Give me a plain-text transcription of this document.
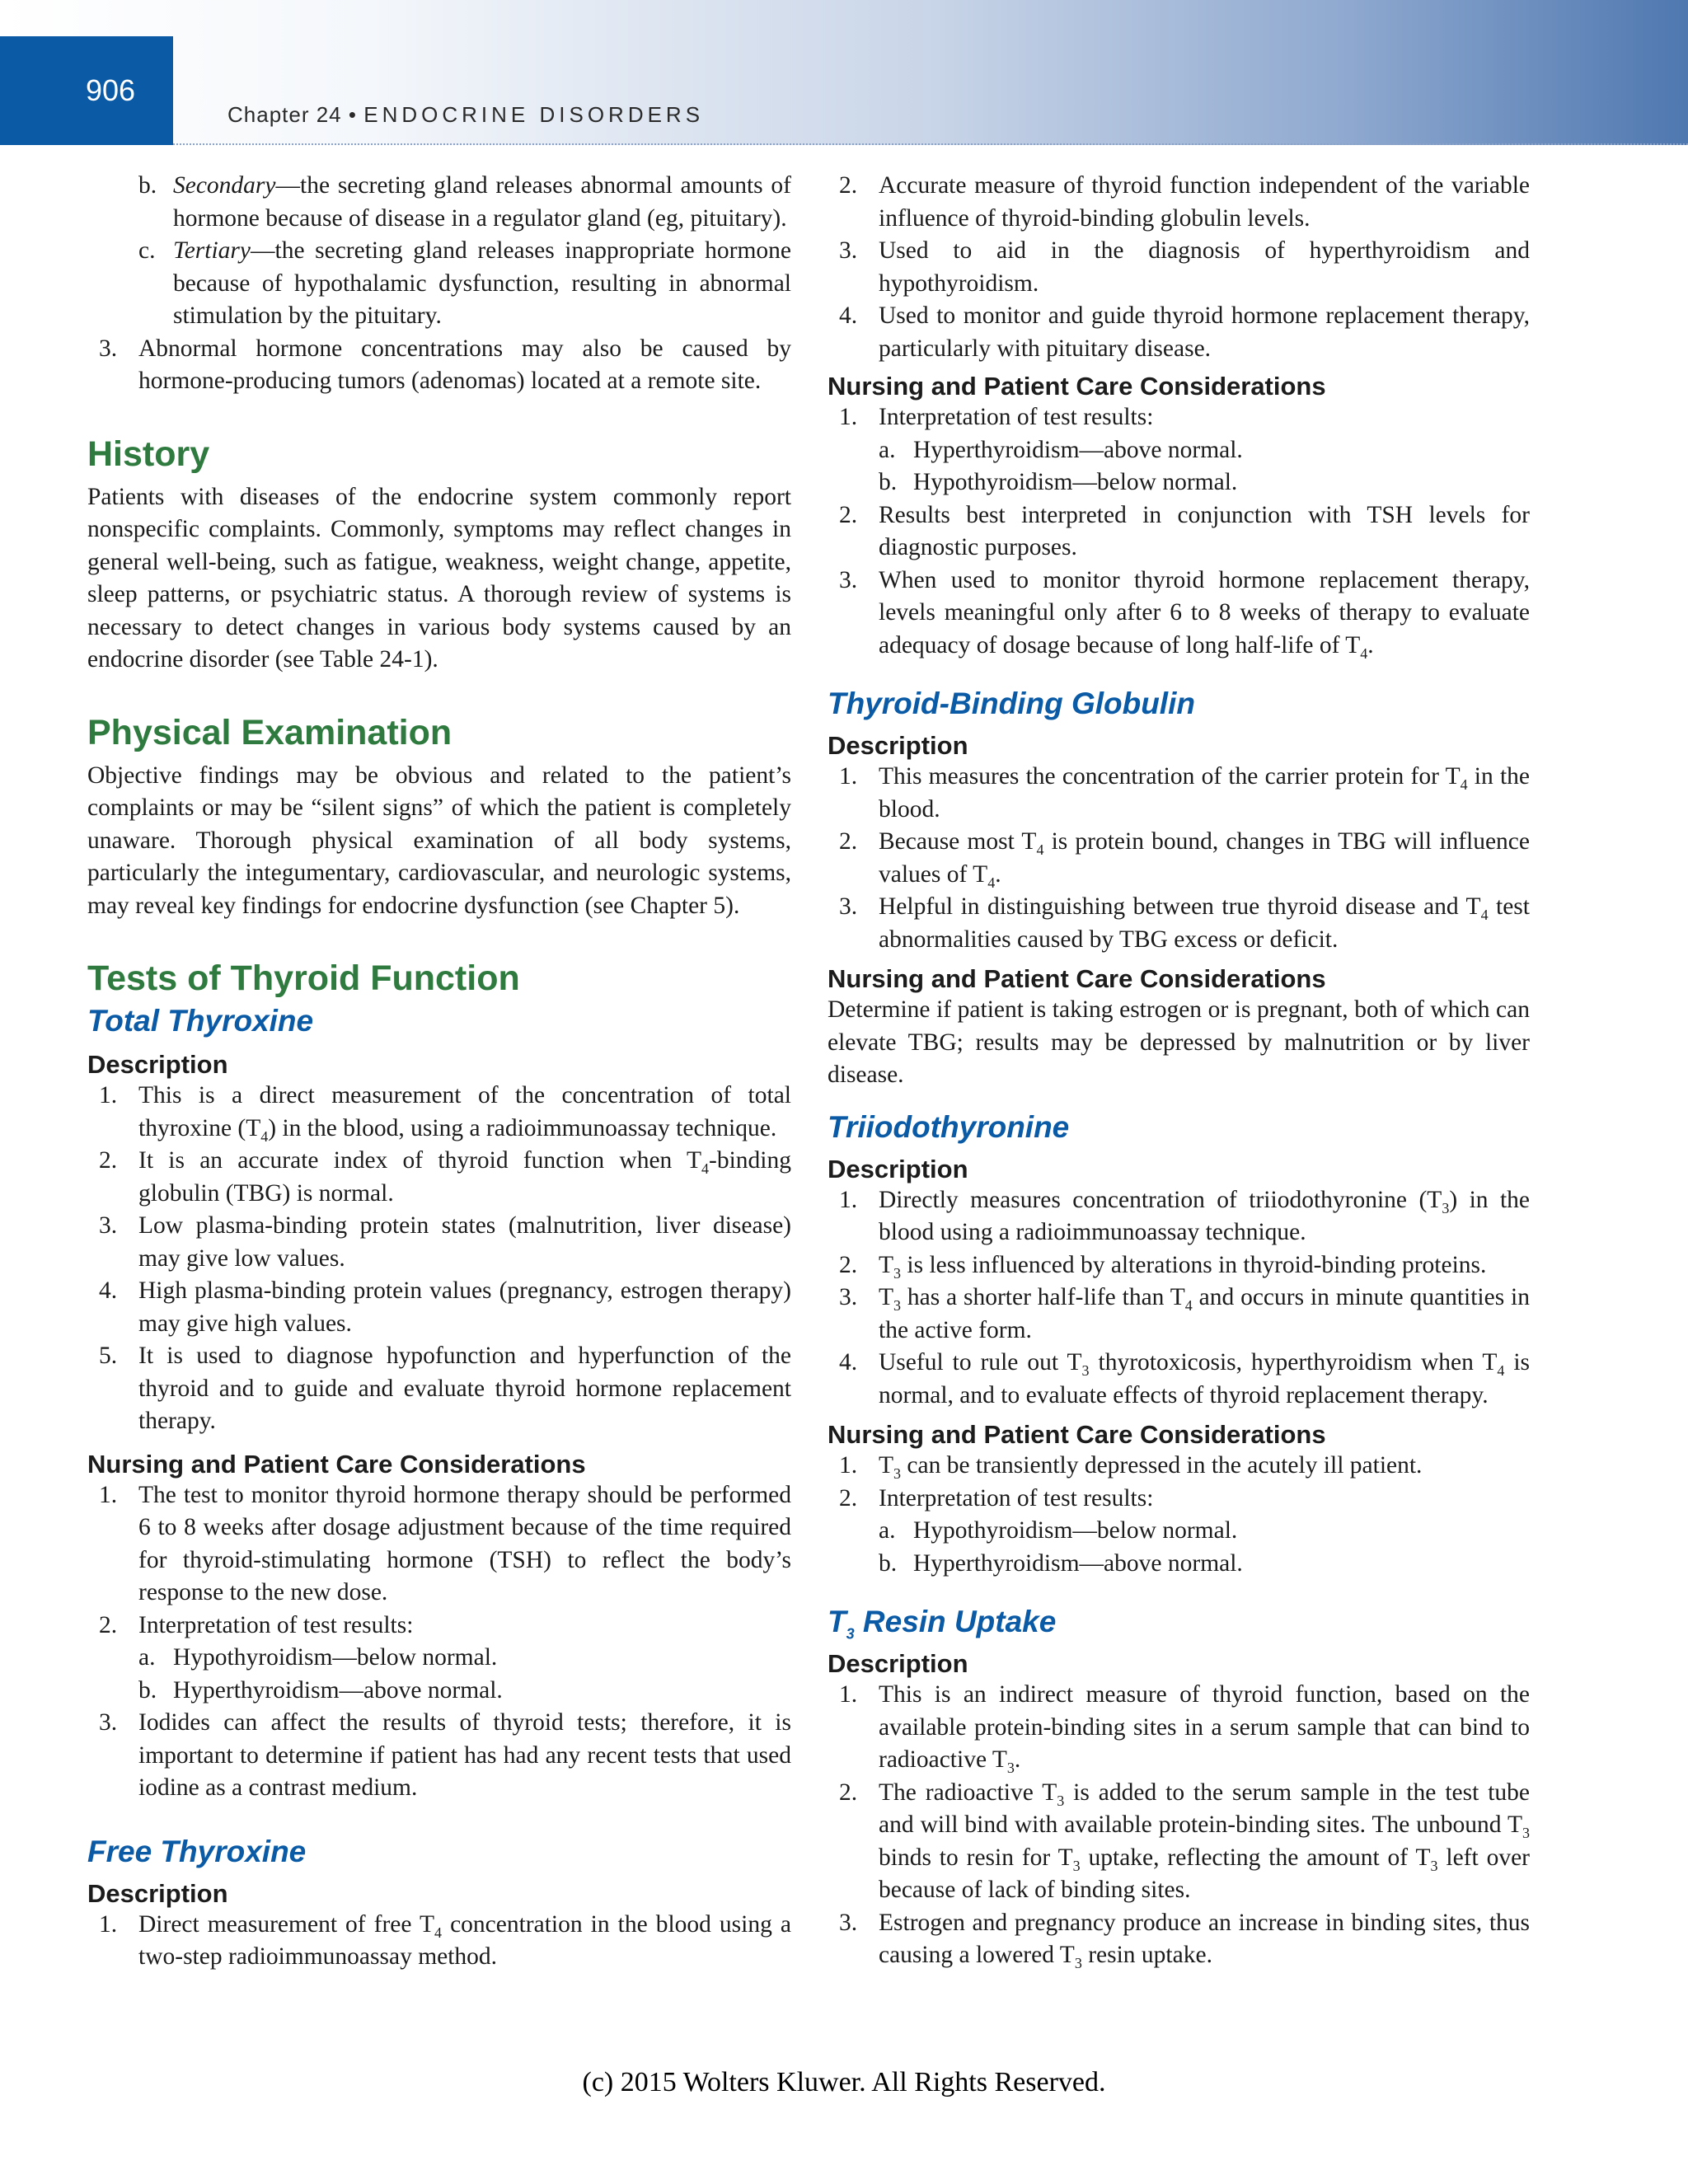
906
Chapter 24 • ENDOCRINE DISORDERS
b. Secondary—the secreting gland releases abnormal amounts of hormone because of disease in a regulator gland (eg, pituitary).
c. Tertiary—the secreting gland releases inappropriate hormone because of hypothalamic dysfunction, resulting in abnormal stimulation by the pituitary.
3. Abnormal hormone concentrations may also be caused by hormone-producing tumors (adenomas) located at a remote site.
History

Patients with diseases of the endocrine system commonly report nonspecific complaints. Commonly, symptoms may reflect changes in general well-being, such as fatigue, weakness, weight change, appetite, sleep patterns, or psychiatric status. A thorough review of systems is necessary to detect changes in various body systems caused by an endocrine disorder (see Table 24-1).

Physical Examination

Objective findings may be obvious and related to the patient’s complaints or may be “silent signs” of which the patient is completely unaware. Thorough physical examination of all body systems, particularly the integumentary, cardiovascular, and neurologic systems, may reveal key findings for endocrine dysfunction (see Chapter 5).

Tests of Thyroid Function
Total Thyroxine
Description
1. This is a direct measurement of the concentration of total thyroxine $(T_4)$ in the blood, using a radioimmunoassay technique.
2. It is an accurate index of thyroid function when $T_4$-binding globulin (TBG) is normal.
3. Low plasma-binding protein states (malnutrition, liver disease) may give low values.
4. High plasma-binding protein values (pregnancy, estrogen therapy) may give high values.
5. It is used to diagnose hypofunction and hyperfunction of the thyroid and to guide and evaluate thyroid hormone replacement therapy.
Nursing and Patient Care Considerations
1. The test to monitor thyroid hormone therapy should be performed 6 to 8 weeks after dosage adjustment because of the time required for thyroid-stimulating hormone (TSH) to reflect the body’s response to the new dose.
2. Interpretation of test results:
a. Hypothyroidism—below normal.
b. Hyperthyroidism—above normal.
3. Iodides can affect the results of thyroid tests; therefore, it is important to determine if patient has had any recent tests that used iodine as a contrast medium.
Free Thyroxine
Description
1. Direct measurement of free $T_4$ concentration in the blood using a two-step radioimmunoassay method.
2. Accurate measure of thyroid function independent of the variable influence of thyroid-binding globulin levels.
3. Used to aid in the diagnosis of hyperthyroidism and hypothyroidism.
4. Used to monitor and guide thyroid hormone replacement therapy, particularly with pituitary disease.
Nursing and Patient Care Considerations
1. Interpretation of test results:
a. Hyperthyroidism—above normal.
b. Hypothyroidism—below normal.
2. Results best interpreted in conjunction with TSH levels for diagnostic purposes.
3. When used to monitor thyroid hormone replacement therapy, levels meaningful only after 6 to 8 weeks of therapy to evaluate adequacy of dosage because of long half-life of $T_4$.
Thyroid-Binding Globulin
Description
1. This measures the concentration of the carrier protein for $T_4$ in the blood.
2. Because most $T_4$ is protein bound, changes in TBG will influence values of $T_4$.
3. Helpful in distinguishing between true thyroid disease and $T_4$ test abnormalities caused by TBG excess or deficit.
Nursing and Patient Care Considerations

Determine if patient is taking estrogen or is pregnant, both of which can elevate TBG; results may be depressed by malnutrition or by liver disease.

Triiodothyronine
Description
1. Directly measures concentration of triiodothyronine $(T_3)$ in the blood using a radioimmunoassay technique.
2. $T_3$ is less influenced by alterations in thyroid-binding proteins.
3. $T_3$ has a shorter half-life than $T_4$ and occurs in minute quantities in the active form.
4. Useful to rule out $T_3$ thyrotoxicosis, hyperthyroidism when $T_4$ is normal, and to evaluate effects of thyroid replacement therapy.
Nursing and Patient Care Considerations
1. $T_3$ can be transiently depressed in the acutely ill patient.
2. Interpretation of test results:
a. Hypothyroidism—below normal.
b. Hyperthyroidism—above normal.
$T_3$ Resin Uptake
Description
1. This is an indirect measure of thyroid function, based on the available protein-binding sites in a serum sample that can bind to radioactive $T_3$.
2. The radioactive $T_3$ is added to the serum sample in the test tube and will bind with available protein-binding sites. The unbound $T_3$ binds to resin for $T_3$ uptake, reflecting the amount of $T_3$ left over because of lack of binding sites.
3. Estrogen and pregnancy produce an increase in binding sites, thus causing a lowered $T_3$ resin uptake.
(c) 2015 Wolters Kluwer. All Rights Reserved.
